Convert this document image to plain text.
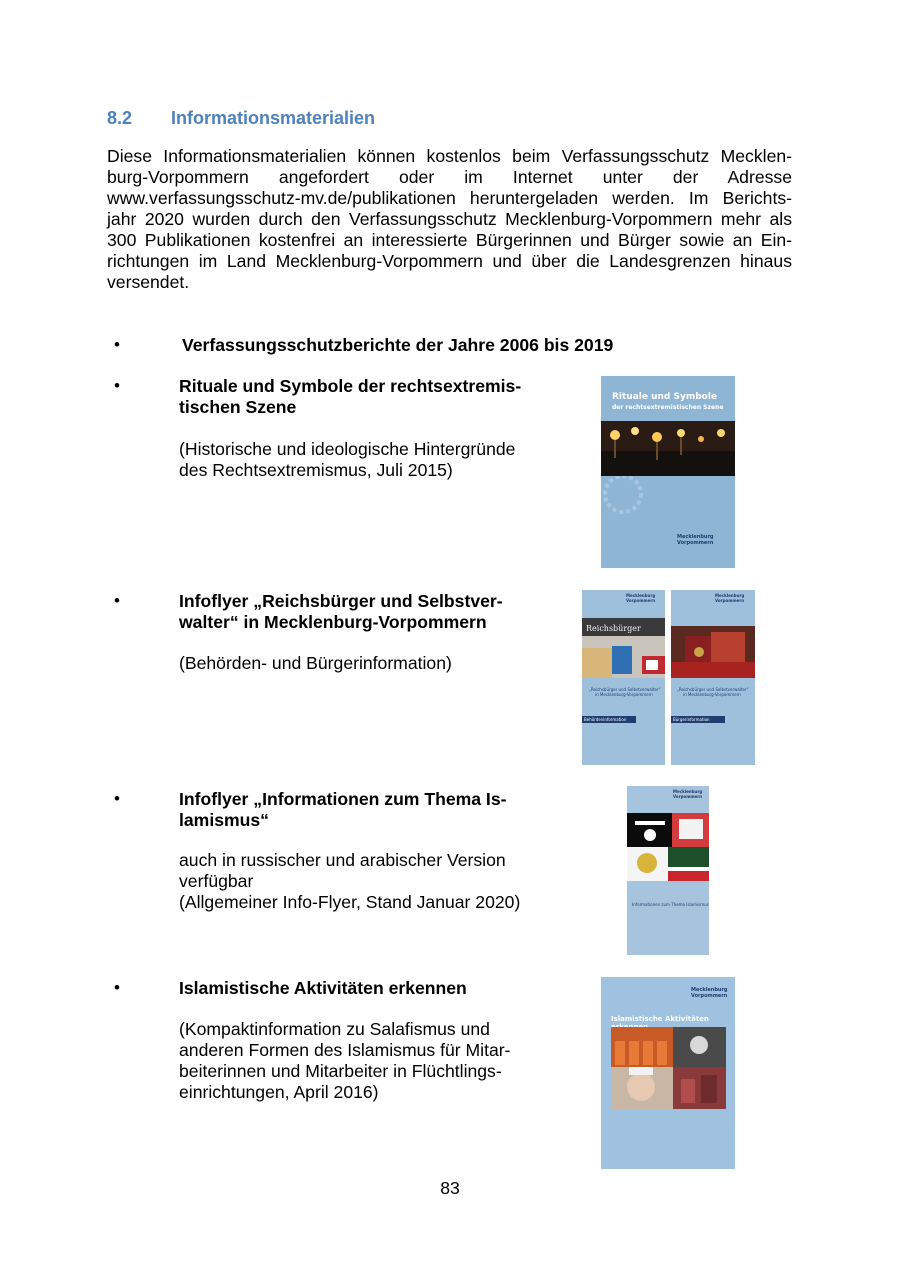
8.2 Informationsmaterialien
Diese Informationsmaterialien können kostenlos beim Verfassungsschutz Mecklen-
burg-Vorpommern angefordert oder im Internet unter der Adresse
www.verfassungsschutz-mv.de/publikationen heruntergeladen werden. Im Berichts-
jahr 2020 wurden durch den Verfassungsschutz Mecklenburg-Vorpommern mehr als
300 Publikationen kostenfrei an interessierte Bürgerinnen und Bürger sowie an Ein-
richtungen im Land Mecklenburg-Vorpommern und über die Landesgrenzen hinaus
versendet.
•	Verfassungsschutzberichte der Jahre 2006 bis 2019
•	Rituale und Symbole der rechtsextremis-
tischen Szene
(Historische und ideologische Hintergründe
des Rechtsextremismus, Juli 2015)
Rituale und Symbole
der rechtsextremistischen Szene
Mecklenburg
Vorpommern
•	Infoflyer „Reichsbürger und Selbstver-
walter“ in Mecklenburg-Vorpommern
(Behörden- und Bürgerinformation)
Mecklenburg
Vorpommern
Reichsbürger
„Reichsbürger und Selbstverwalter“
in Mecklenburg-Vorpommern
Behördeninformation
Mecklenburg
Vorpommern
„Reichsbürger und Selbstverwalter“
in Mecklenburg-Vorpommern
Bürgerinformation
•	Infoflyer „Informationen zum Thema Is-
lamismus“
auch in russischer und arabischer Version
verfügbar
(Allgemeiner Info-Flyer, Stand Januar 2020)
Mecklenburg
Vorpommern
Informationen zum Thema Islamismus
•	Islamistische Aktivitäten erkennen
(Kompaktinformation zu Salafismus und
anderen Formen des Islamismus für Mitar-
beiterinnen und Mitarbeiter in Flüchtlings-
einrichtungen, April 2016)
Mecklenburg
Vorpommern
Islamistische Aktivitäten

83
